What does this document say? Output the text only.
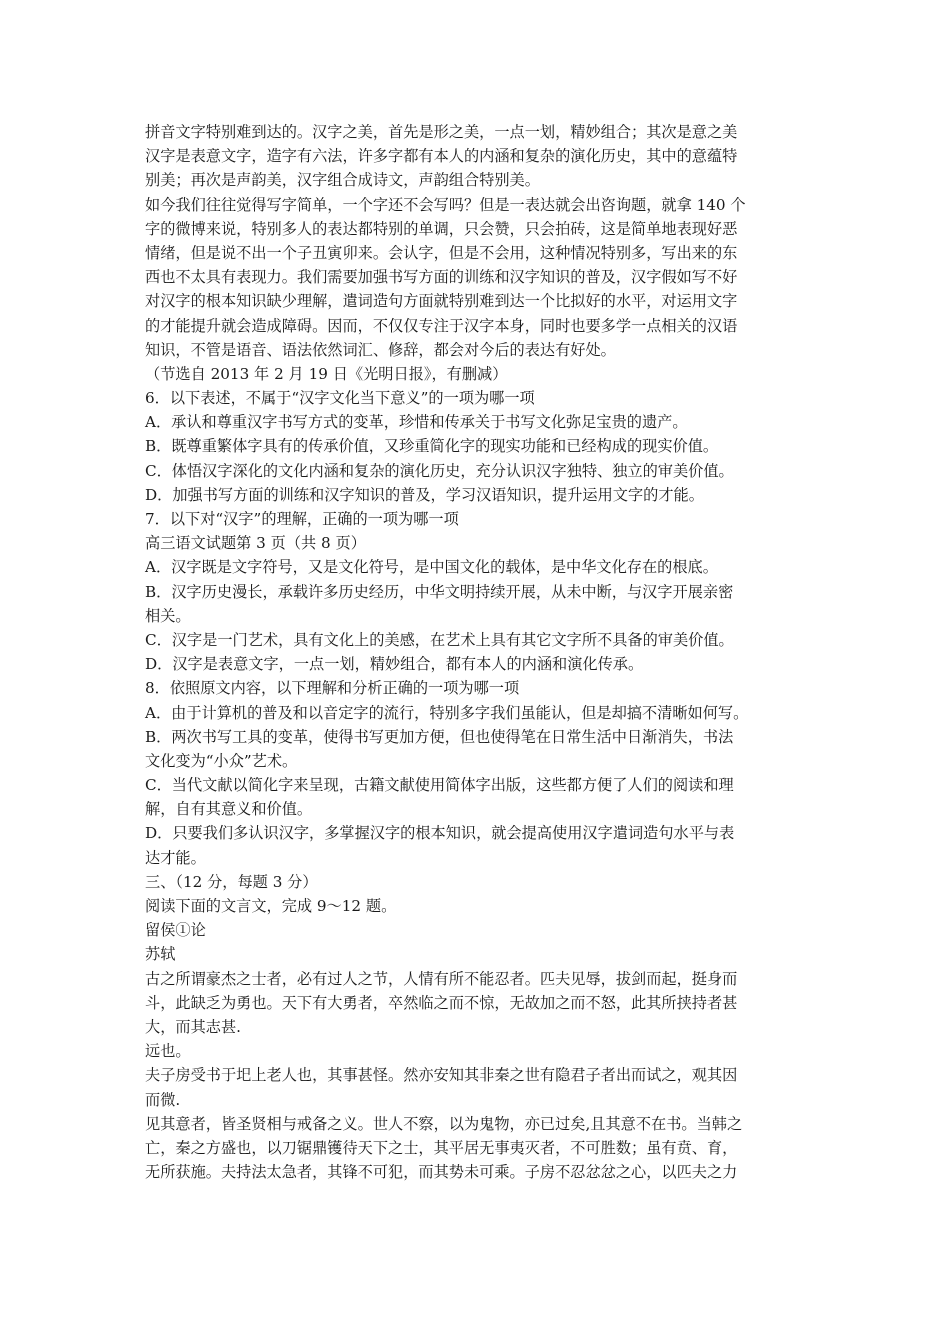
拼音文字特别难到达的。汉字之美，首先是形之美，一点一划，精妙组合；其次是意之美
汉字是表意文字，造字有六法，许多字都有本人的内涵和复杂的演化历史，其中的意蕴特
别美；再次是声韵美，汉字组合成诗文，声韵组合特别美。
如今我们往往觉得写字简单，一个字还不会写吗？但是一表达就会出咨询题，就拿 140 个
字的微博来说，特别多人的表达都特别的单调，只会赞，只会拍砖，这是简单地表现好恶
情绪，但是说不出一个子丑寅卯来。会认字，但是不会用，这种情况特别多，写出来的东
西也不太具有表现力。我们需要加强书写方面的训练和汉字知识的普及，汉字假如写不好
对汉字的根本知识缺少理解，遣词造句方面就特别难到达一个比拟好的水平，对运用文字
的才能提升就会造成障碍。因而，不仅仅专注于汉字本身，同时也要多学一点相关的汉语
知识，不管是语音、语法依然词汇、修辞，都会对今后的表达有好处。
（节选自 2013 年 2 月 19 日《光明日报》，有删减）
6．以下表述，不属于“汉字文化当下意义”的一项为哪一项
A．承认和尊重汉字书写方式的变革，珍惜和传承关于书写文化弥足宝贵的遗产。
B．既尊重繁体字具有的传承价值，又珍重简化字的现实功能和已经构成的现实价值。
C．体悟汉字深化的文化内涵和复杂的演化历史，充分认识汉字独特、独立的审美价值。
D．加强书写方面的训练和汉字知识的普及，学习汉语知识，提升运用文字的才能。
7．以下对“汉字”的理解，正确的一项为哪一项
高三语文试题第 3 页（共 8 页）
A．汉字既是文字符号，又是文化符号，是中国文化的载体，是中华文化存在的根底。
B．汉字历史漫长，承载许多历史经历，中华文明持续开展，从未中断，与汉字开展亲密
相关。
C．汉字是一门艺术，具有文化上的美感，在艺术上具有其它文字所不具备的审美价值。
D．汉字是表意文字，一点一划，精妙组合，都有本人的内涵和演化传承。
8．依照原文内容，以下理解和分析正确的一项为哪一项
A．由于计算机的普及和以音定字的流行，特别多字我们虽能认，但是却搞不清晰如何写。
B．两次书写工具的变革，使得书写更加方便，但也使得笔在日常生活中日渐消失，书法
文化变为“小众”艺术。
C．当代文献以简化字来呈现，古籍文献使用简体字出版，这些都方便了人们的阅读和理
解，自有其意义和价值。
D．只要我们多认识汉字，多掌握汉字的根本知识，就会提高使用汉字遣词造句水平与表
达才能。
三、（12 分，每题 3 分）
阅读下面的文言文，完成 9～12 题。
留侯①论
苏轼
古之所谓豪杰之士者，必有过人之节，人情有所不能忍者。匹夫见辱，拔剑而起，挺身而
斗，此缺乏为勇也。天下有大勇者，卒然临之而不惊，无故加之而不怒，此其所挟持者甚
大，而其志甚.
远也。
夫子房受书于圯上老人也，其事甚怪。然亦安知其非秦之世有隐君子者出而试之，观其因
而微.
见其意者，皆圣贤相与戒备之义。世人不察，以为鬼物，亦已过矣,且其意不在书。当韩之
亡，秦之方盛也，以刀锯鼎镬待天下之士，其平居无事夷灭者，不可胜数；虽有贲、育，
无所获施。夫持法太急者，其锋不可犯，而其势未可乘。子房不忍忿忿之心，以匹夫之力
